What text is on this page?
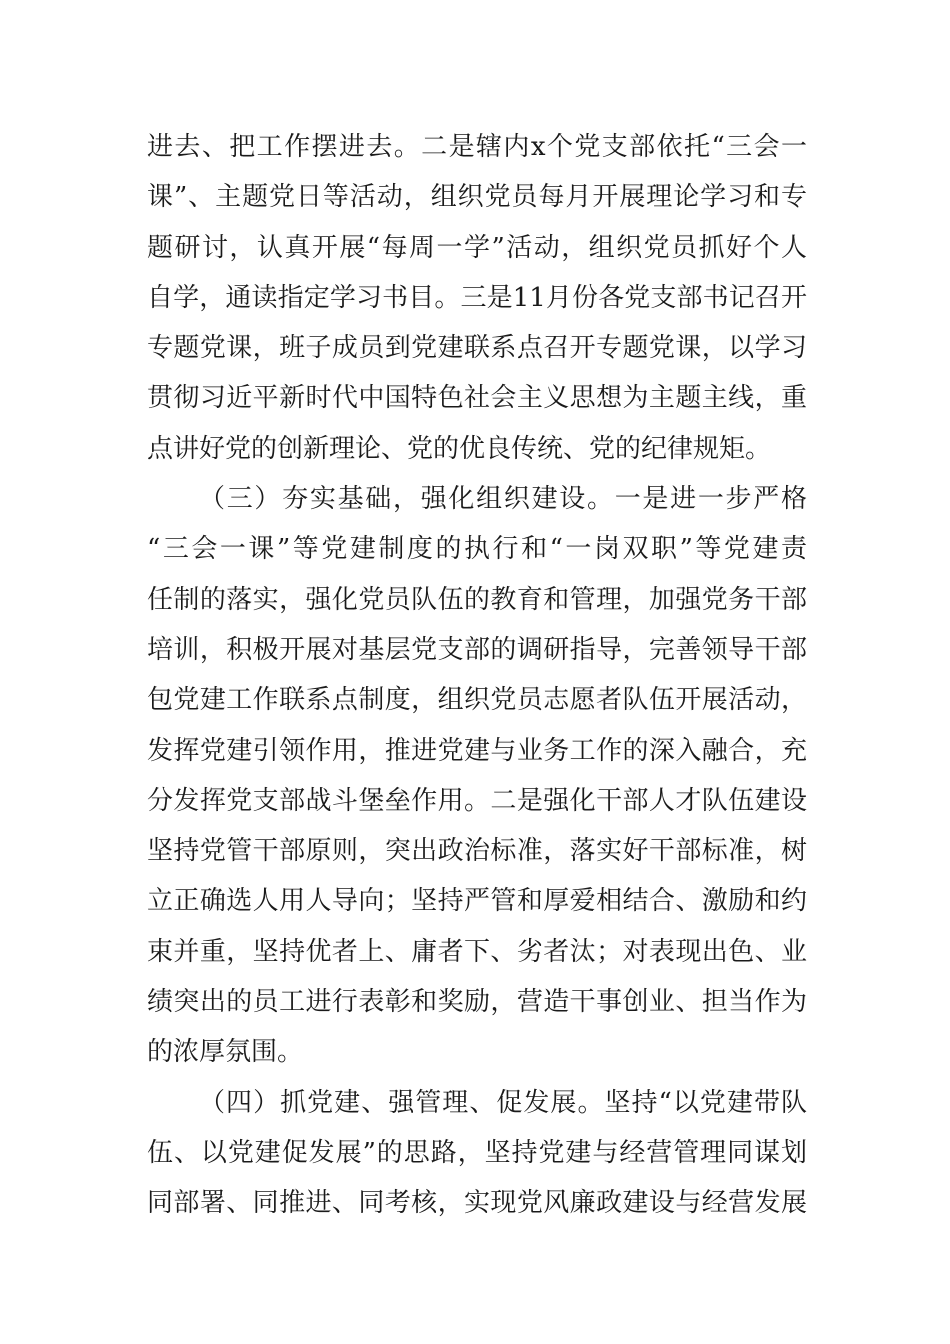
进去、把工作摆进去。二是辖内x个党支部依托“三会一
课”、主题党日等活动，组织党员每月开展理论学习和专
题研讨，认真开展“每周一学”活动，组织党员抓好个人
自学，通读指定学习书目。三是11月份各党支部书记召开
专题党课，班子成员到党建联系点召开专题党课，以学习
贯彻习近平新时代中国特色社会主义思想为主题主线，重
点讲好党的创新理论、党的优良传统、党的纪律规矩。
（三）夯实基础，强化组织建设。一是进一步严格
“三会一课”等党建制度的执行和“一岗双职”等党建责
任制的落实，强化党员队伍的教育和管理，加强党务干部
培训，积极开展对基层党支部的调研指导，完善领导干部
包党建工作联系点制度，组织党员志愿者队伍开展活动，
发挥党建引领作用，推进党建与业务工作的深入融合，充
分发挥党支部战斗堡垒作用。二是强化干部人才队伍建设
坚持党管干部原则，突出政治标准，落实好干部标准，树
立正确选人用人导向；坚持严管和厚爱相结合、激励和约
束并重，坚持优者上、庸者下、劣者汰；对表现出色、业
绩突出的员工进行表彰和奖励，营造干事创业、担当作为
的浓厚氛围。
（四）抓党建、强管理、促发展。坚持“以党建带队
伍、以党建促发展”的思路，坚持党建与经营管理同谋划
同部署、同推进、同考核，实现党风廉政建设与经营发展
